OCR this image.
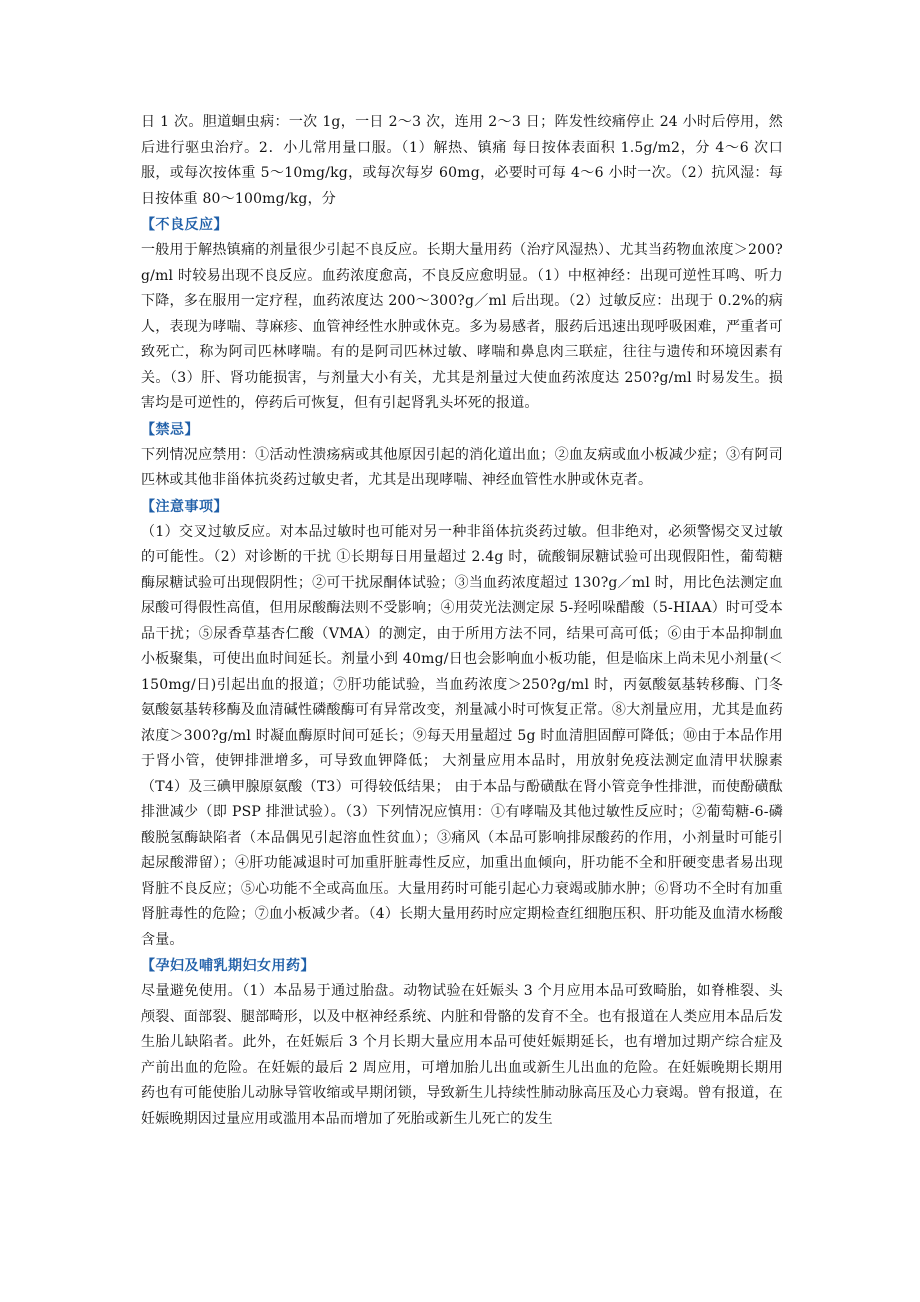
日 1 次。胆道蛔虫病：一次 1g，一日 2～3 次，连用 2～3 日；阵发性绞痛停止 24 小时后停用，然后进行驱虫治疗。2．小儿常用量口服。（1）解热、镇痛 每日按体表面积 1.5g/m2，分 4～6 次口服，或每次按体重 5～10mg/kg，或每次每岁 60mg，必要时可每 4～6 小时一次。（2）抗风湿：每日按体重 80～100mg/kg，分

【不良反应】

一般用于解热镇痛的剂量很少引起不良反应。长期大量用药（治疗风湿热）、尤其当药物血浓度＞200?g/ml 时较易出现不良反应。血药浓度愈高，不良反应愈明显。（1）中枢神经：出现可逆性耳鸣、听力下降，多在服用一定疗程，血药浓度达 200～300?g／ml 后出现。（2）过敏反应：出现于 0.2%的病人，表现为哮喘、荨麻疹、血管神经性水肿或休克。多为易感者，服药后迅速出现呼吸困难，严重者可致死亡，称为阿司匹林哮喘。有的是阿司匹林过敏、哮喘和鼻息肉三联症，往往与遗传和环境因素有关。（3）肝、肾功能损害，与剂量大小有关，尤其是剂量过大使血药浓度达 250?g/ml 时易发生。损害均是可逆性的，停药后可恢复，但有引起肾乳头坏死的报道。

【禁忌】

下列情况应禁用：①活动性溃疡病或其他原因引起的消化道出血；②血友病或血小板减少症；③有阿司匹林或其他非甾体抗炎药过敏史者，尤其是出现哮喘、神经血管性水肿或休克者。

【注意事项】

（1）交叉过敏反应。对本品过敏时也可能对另一种非甾体抗炎药过敏。但非绝对，必须警惕交叉过敏的可能性。（2）对诊断的干扰 ①长期每日用量超过 2.4g 时，硫酸铜尿糖试验可出现假阳性，葡萄糖酶尿糖试验可出现假阴性；②可干扰尿酮体试验；③当血药浓度超过 130?g／ml 时，用比色法测定血尿酸可得假性高值，但用尿酸酶法则不受影响；④用荧光法测定尿 5-羟吲哚醋酸（5-HIAA）时可受本品干扰；⑤尿香草基杏仁酸（VMA）的测定，由于所用方法不同，结果可高可低；⑥由于本品抑制血小板聚集，可使出血时间延长。剂量小到 40mg/日也会影响血小板功能，但是临床上尚未见小剂量(＜150mg/日)引起出血的报道；⑦肝功能试验，当血药浓度＞250?g/ml 时，丙氨酸氨基转移酶、门冬氨酸氨基转移酶及血清碱性磷酸酶可有异常改变，剂量减小时可恢复正常。⑧大剂量应用，尤其是血药浓度＞300?g/ml 时凝血酶原时间可延长；⑨每天用量超过 5g 时血清胆固醇可降低；⑩由于本品作用于肾小管，使钾排泄增多，可导致血钾降低； 大剂量应用本品时，用放射免疫法测定血清甲状腺素（T4）及三碘甲腺原氨酸（T3）可得较低结果； 由于本品与酚磺酞在肾小管竞争性排泄，而使酚磺酞排泄减少（即 PSP 排泄试验）。（3）下列情况应慎用：①有哮喘及其他过敏性反应时；②葡萄糖-6-磷酸脱氢酶缺陷者（本品偶见引起溶血性贫血）；③痛风（本品可影响排尿酸药的作用，小剂量时可能引起尿酸滞留）；④肝功能减退时可加重肝脏毒性反应，加重出血倾向，肝功能不全和肝硬变患者易出现肾脏不良反应；⑤心功能不全或高血压。大量用药时可能引起心力衰竭或肺水肿；⑥肾功不全时有加重肾脏毒性的危险；⑦血小板减少者。（4）长期大量用药时应定期检查红细胞压积、肝功能及血清水杨酸含量。

【孕妇及哺乳期妇女用药】

尽量避免使用。（1）本品易于通过胎盘。动物试验在妊娠头 3 个月应用本品可致畸胎，如脊椎裂、头颅裂、面部裂、腿部畸形，以及中枢神经系统、内脏和骨骼的发育不全。也有报道在人类应用本品后发生胎儿缺陷者。此外，在妊娠后 3 个月长期大量应用本品可使妊娠期延长，也有增加过期产综合症及产前出血的危险。在妊娠的最后 2 周应用，可增加胎儿出血或新生儿出血的危险。在妊娠晚期长期用药也有可能使胎儿动脉导管收缩或早期闭锁，导致新生儿持续性肺动脉高压及心力衰竭。曾有报道，在妊娠晚期因过量应用或滥用本品而增加了死胎或新生儿死亡的发生
